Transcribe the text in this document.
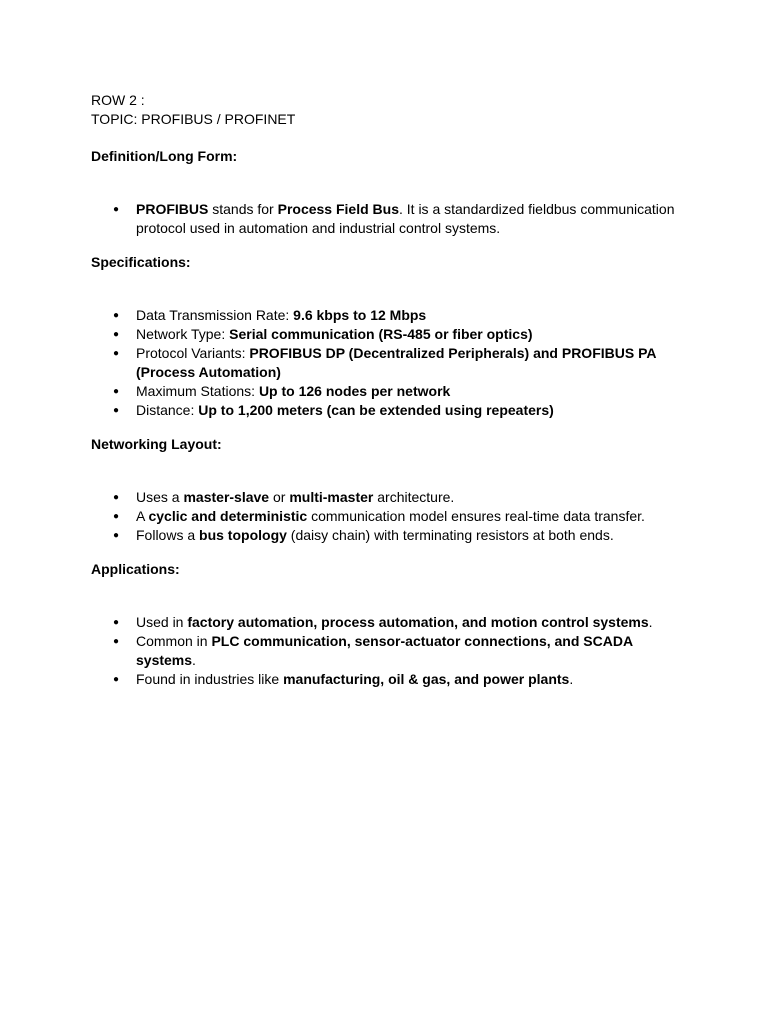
ROW 2 :

TOPIC: PROFIBUS / PROFINET

Definition/Long Form:

● PROFIBUS stands for Process Field Bus. It is a standardized fieldbus communication protocol used in automation and industrial control systems.

Specifications:

● Data Transmission Rate: 9.6 kbps to 12 Mbps
● Network Type: Serial communication (RS-485 or fiber optics)
● Protocol Variants: PROFIBUS DP (Decentralized Peripherals) and PROFIBUS PA (Process Automation)
● Maximum Stations: Up to 126 nodes per network
● Distance: Up to 1,200 meters (can be extended using repeaters)

Networking Layout:

● Uses a master-slave or multi-master architecture.
● A cyclic and deterministic communication model ensures real-time data transfer.
● Follows a bus topology (daisy chain) with terminating resistors at both ends.

Applications:

● Used in factory automation, process automation, and motion control systems.
● Common in PLC communication, sensor-actuator connections, and SCADA systems.
● Found in industries like manufacturing, oil & gas, and power plants.
